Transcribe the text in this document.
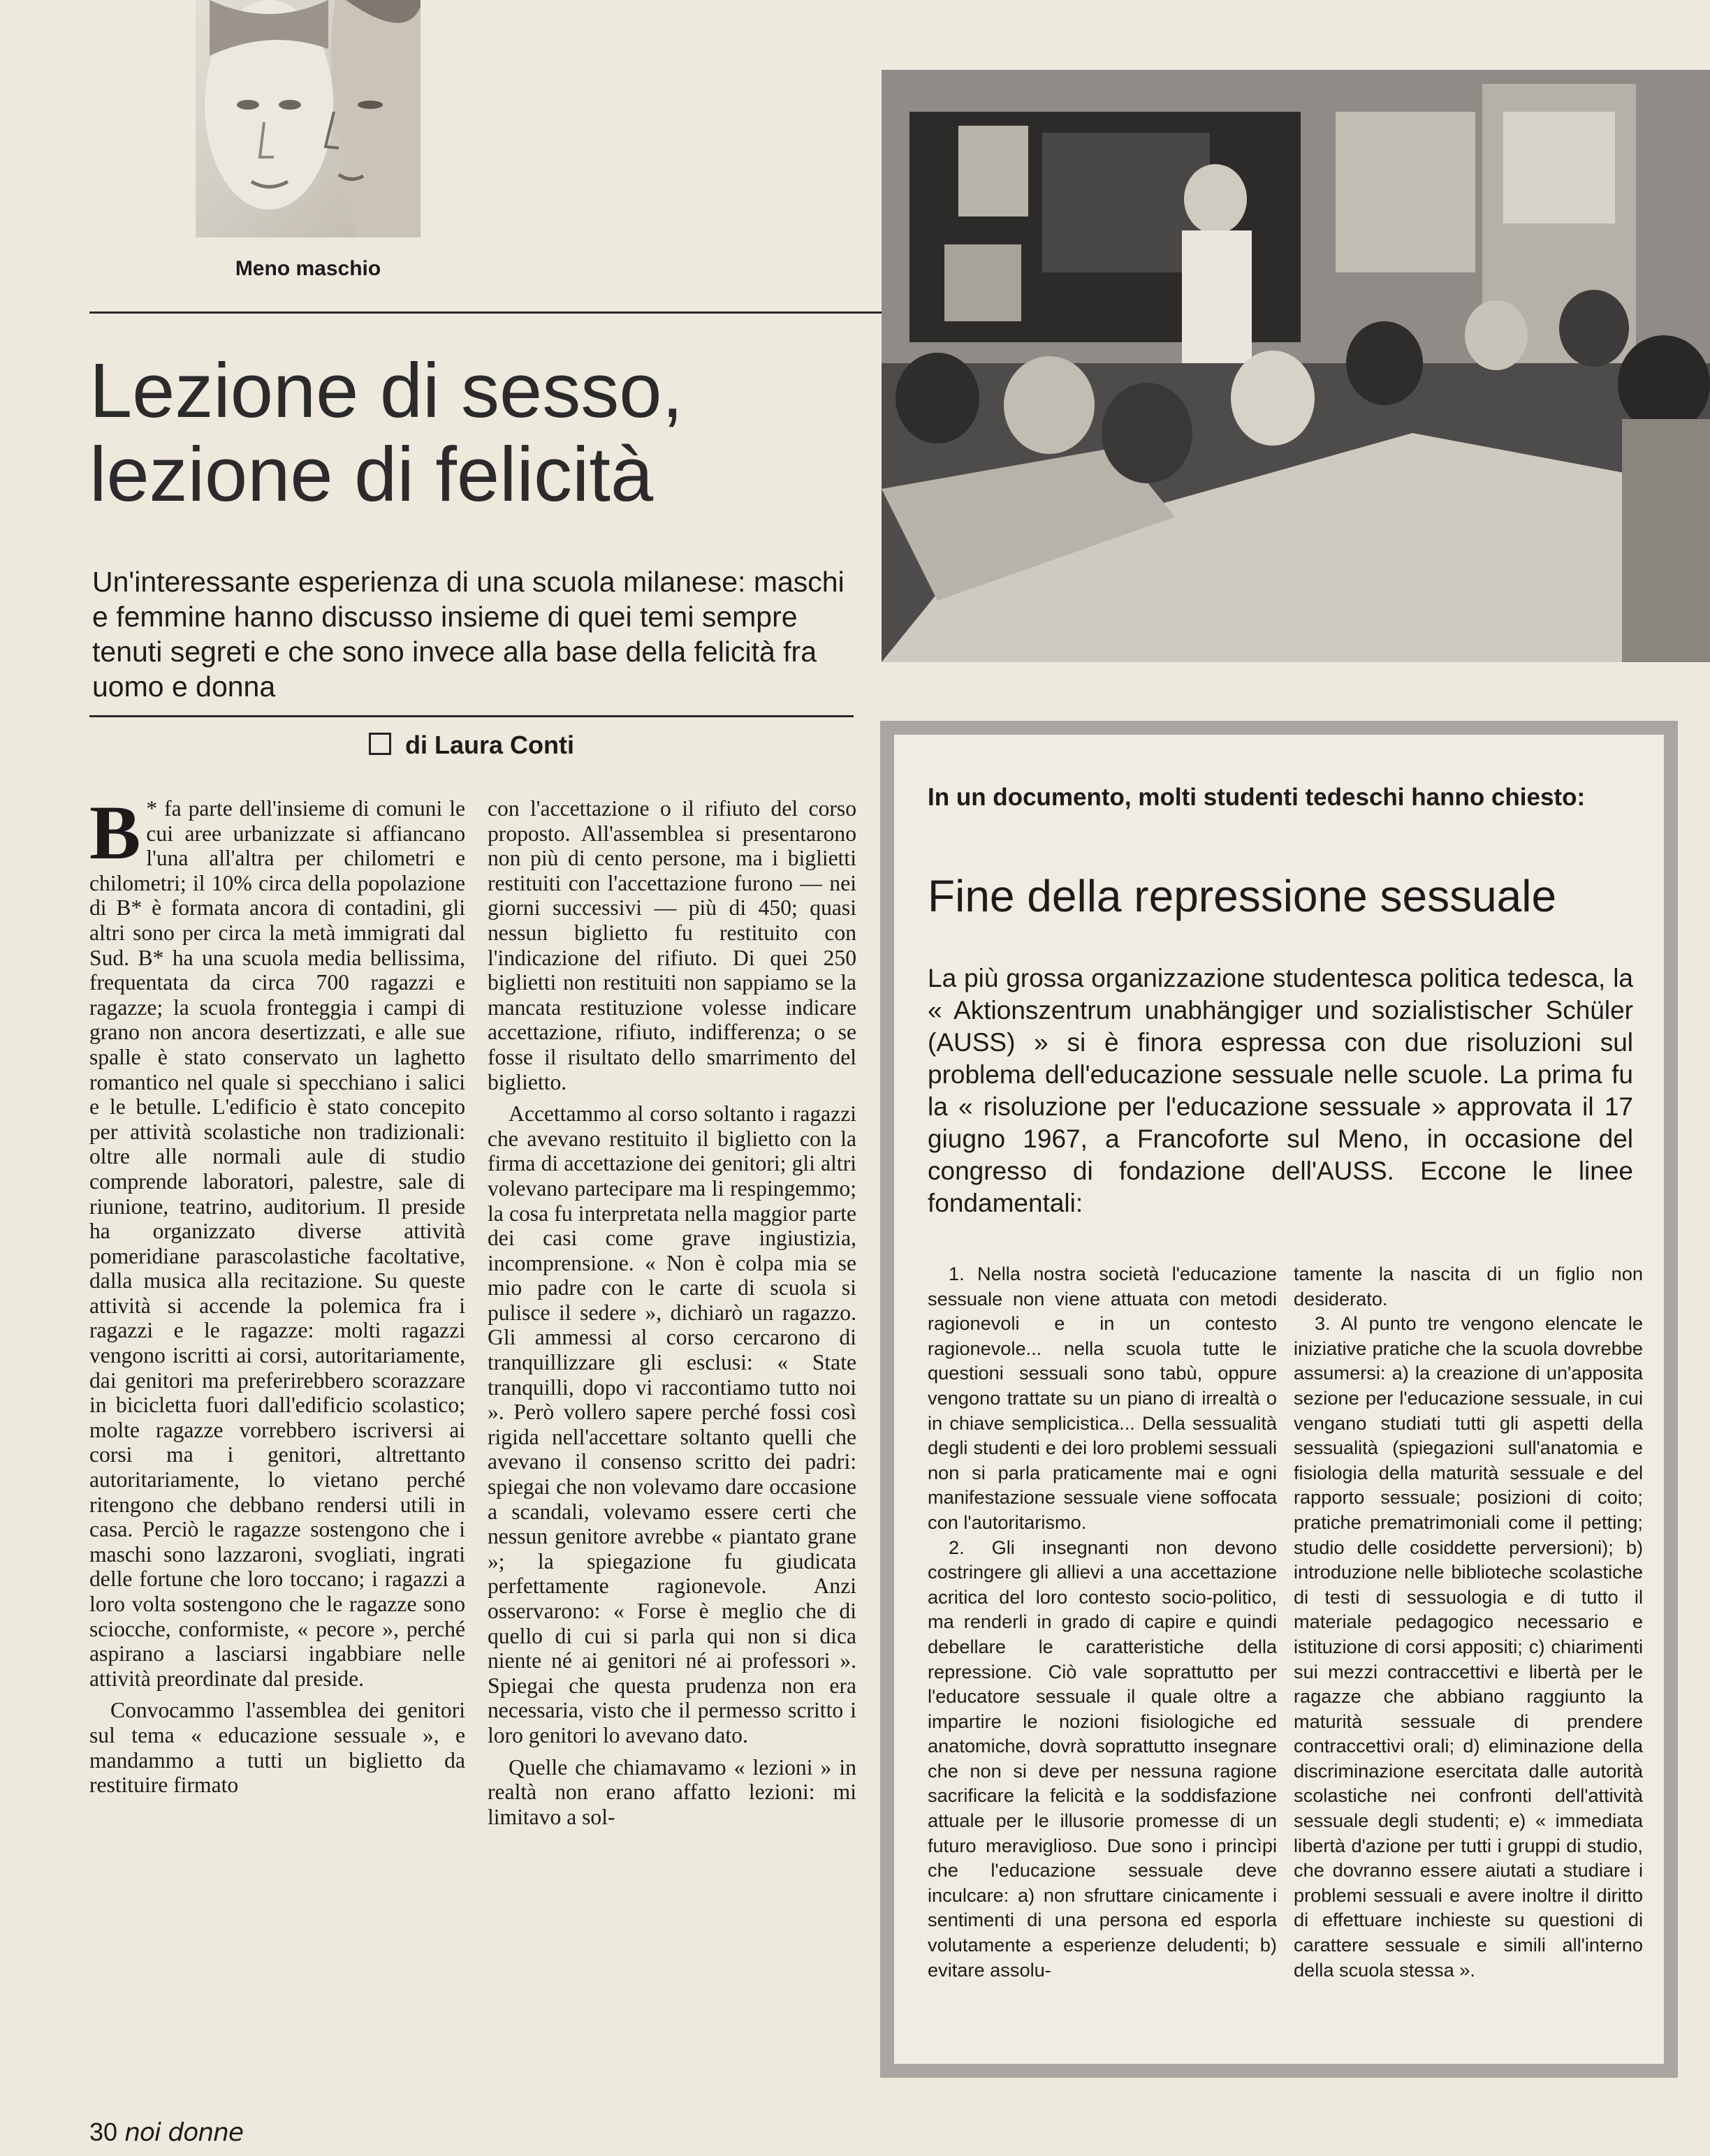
Meno maschio
Lezione di sesso,
lezione di felicità
Un'interessante esperienza di una scuola milanese: maschi e femmine hanno discusso insieme di quei temi sempre tenuti segreti e che sono invece alla base della felicità fra uomo e donna
di Laura Conti

B * fa parte dell'insieme di comuni le cui aree urbanizzate si affiancano l'una all'altra per chilometri e chilometri; il 10% circa della popolazione di B* è formata ancora di contadini, gli altri sono per circa la metà immigrati dal Sud. B* ha una scuola media bellissima, frequentata da circa 700 ragazzi e ragazze; la scuola fronteggia i campi di grano non ancora desertizzati, e alle sue spalle è stato conservato un laghetto romantico nel quale si specchiano i salici e le betulle. L'edificio è stato concepito per attività scolastiche non tradizionali: oltre alle normali aule di studio comprende laboratori, palestre, sale di riunione, teatrino, auditorium. Il preside ha organizzato diverse attività pomeridiane parascolastiche facoltative, dalla musica alla recitazione. Su queste attività si accende la polemica fra i ragazzi e le ragazze: molti ragazzi vengono iscritti ai corsi, autoritariamente, dai genitori ma preferirebbero scorazzare in bicicletta fuori dall'edificio scolastico; molte ragazze vorrebbero iscriversi ai corsi ma i genitori, altrettanto autoritariamente, lo vietano perché ritengono che debbano rendersi utili in casa. Perciò le ragazze sostengono che i maschi sono lazzaroni, svogliati, ingrati delle fortune che loro toccano; i ragazzi a loro volta sostengono che le ragazze sono sciocche, conformiste, « pecore », perché aspirano a lasciarsi ingabbiare nelle attività preordinate dal preside.

Convocammo l'assemblea dei genitori sul tema « educazione sessuale », e mandammo a tutti un biglietto da restituire firmato

con l'accettazione o il rifiuto del corso proposto. All'assemblea si presentarono non più di cento persone, ma i biglietti restituiti con l'accettazione furono — nei giorni successivi — più di 450; quasi nessun biglietto fu restituito con l'indicazione del rifiuto. Di quei 250 biglietti non restituiti non sappiamo se la mancata restituzione volesse indicare accettazione, rifiuto, indifferenza; o se fosse il risultato dello smarrimento del biglietto.

Accettammo al corso soltanto i ragazzi che avevano restituito il biglietto con la firma di accettazione dei genitori; gli altri volevano partecipare ma li respingemmo; la cosa fu interpretata nella maggior parte dei casi come grave ingiustizia, incomprensione. « Non è colpa mia se mio padre con le carte di scuola si pulisce il sedere », dichiarò un ragazzo. Gli ammessi al corso cercarono di tranquillizzare gli esclusi: « State tranquilli, dopo vi raccontiamo tutto noi ». Però vollero sapere perché fossi così rigida nell'accettare soltanto quelli che avevano il consenso scritto dei padri: spiegai che non volevamo dare occasione a scandali, volevamo essere certi che nessun genitore avrebbe « piantato grane »; la spiegazione fu giudicata perfettamente ragionevole. Anzi osservarono: « Forse è meglio che di quello di cui si parla qui non si dica niente né ai genitori né ai professori ». Spiegai che questa prudenza non era necessaria, visto che il permesso scritto i loro genitori lo avevano dato.

Quelle che chiamavamo « lezioni » in realtà non erano affatto lezioni: mi limitavo a sol-

30 noi donne
In un documento, molti studenti tedeschi hanno chiesto:
Fine della repressione sessuale
La più grossa organizzazione studentesca politica tedesca, la « Aktionszentrum unabhängiger und sozialistischer Schüler (AUSS) » si è finora espressa con due risoluzioni sul problema dell'educazione sessuale nelle scuole. La prima fu la « risoluzione per l'educazione sessuale » approvata il 17 giugno 1967, a Francoforte sul Meno, in occasione del congresso di fondazione dell'AUSS. Eccone le linee fondamentali:

1. Nella nostra società l'educazione sessuale non viene attuata con metodi ragionevoli e in un contesto ragionevole... nella scuola tutte le questioni sessuali sono tabù, oppure vengono trattate su un piano di irrealtà o in chiave semplicistica... Della sessualità degli studenti e dei loro problemi sessuali non si parla praticamente mai e ogni manifestazione sessuale viene soffocata con l'autoritarismo.

2. Gli insegnanti non devono costringere gli allievi a una accettazione acritica del loro contesto socio-politico, ma renderli in grado di capire e quindi debellare le caratteristiche della repressione. Ciò vale soprattutto per l'educatore sessuale il quale oltre a impartire le nozioni fisiologiche ed anatomiche, dovrà soprattutto insegnare che non si deve per nessuna ragione sacrificare la felicità e la soddisfazione attuale per le illusorie promesse di un futuro meraviglioso. Due sono i princìpi che l'educazione sessuale deve inculcare: a) non sfruttare cinicamente i sentimenti di una persona ed esporla volutamente a esperienze deludenti; b) evitare assolu-

tamente la nascita di un figlio non desiderato.

3. Al punto tre vengono elencate le iniziative pratiche che la scuola dovrebbe assumersi: a) la creazione di un'apposita sezione per l'educazione sessuale, in cui vengano studiati tutti gli aspetti della sessualità (spiegazioni sull'anatomia e fisiologia della maturità sessuale e del rapporto sessuale; posizioni di coito; pratiche prematrimoniali come il petting; studio delle cosiddette perversioni); b) introduzione nelle biblioteche scolastiche di testi di sessuologia e di tutto il materiale pedagogico necessario e istituzione di corsi appositi; c) chiarimenti sui mezzi contraccettivi e libertà per le ragazze che abbiano raggiunto la maturità sessuale di prendere contraccettivi orali; d) eliminazione della discriminazione esercitata dalle autorità scolastiche nei confronti dell'attività sessuale degli studenti; e) « immediata libertà d'azione per tutti i gruppi di studio, che dovranno essere aiutati a studiare i problemi sessuali e avere inoltre il diritto di effettuare inchieste su questioni di carattere sessuale e simili all'interno della scuola stessa ».
